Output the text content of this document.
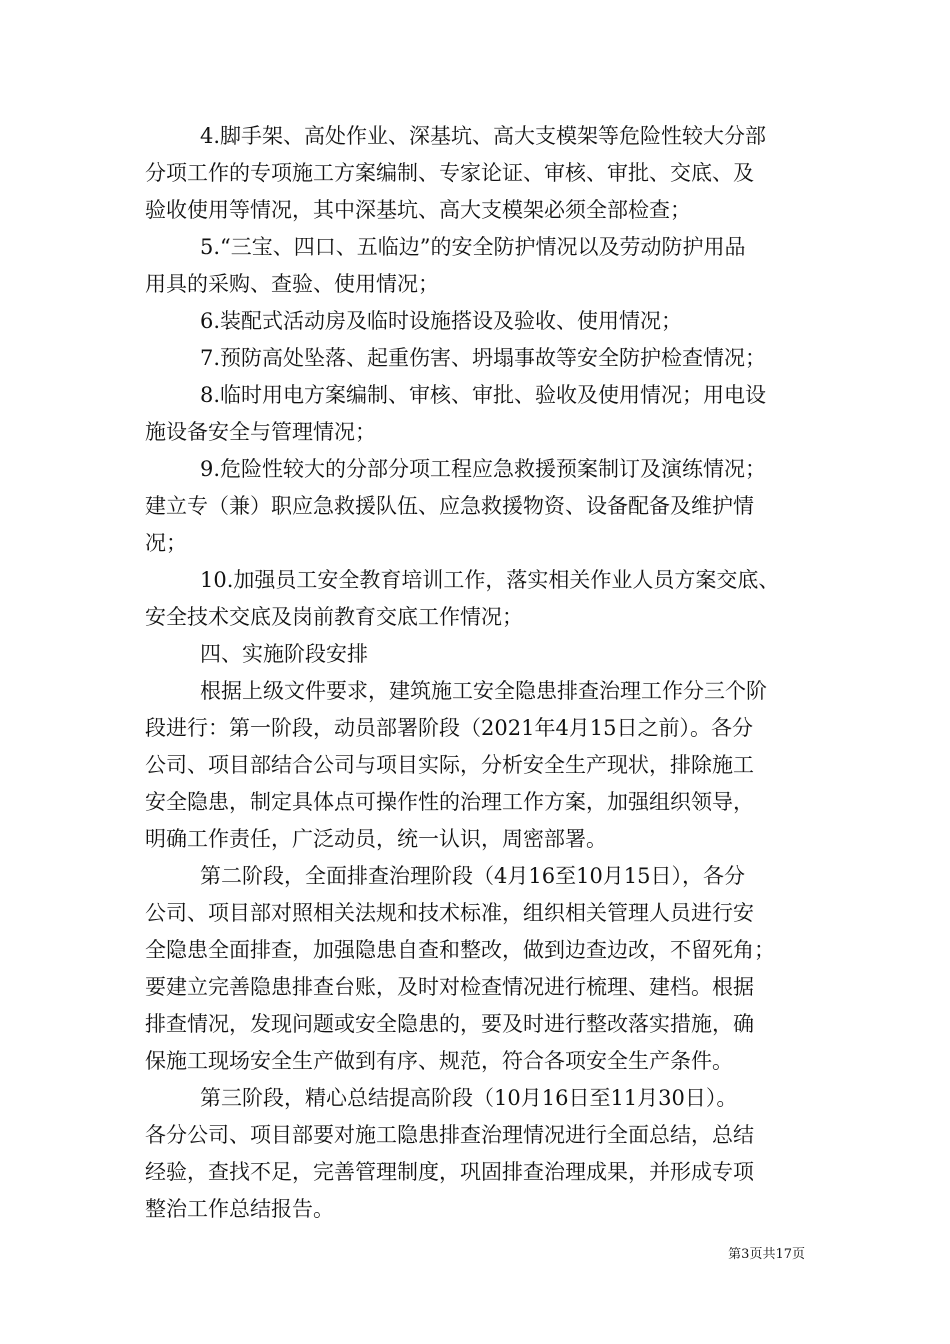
4.脚手架、高处作业、深基坑、高大支模架等危险性较大分部
分项工作的专项施工方案编制、专家论证、审核、审批、交底、及
验收使用等情况，其中深基坑、高大支模架必须全部检查；
5.“三宝、四口、五临边”的安全防护情况以及劳动防护用品
用具的采购、查验、使用情况；
6.装配式活动房及临时设施搭设及验收、使用情况；
7.预防高处坠落、起重伤害、坍塌事故等安全防护检查情况；
8.临时用电方案编制、审核、审批、验收及使用情况；用电设
施设备安全与管理情况；
9.危险性较大的分部分项工程应急救援预案制订及演练情况；
建立专（兼）职应急救援队伍、应急救援物资、设备配备及维护情
况；
10.加强员工安全教育培训工作，落实相关作业人员方案交底、
安全技术交底及岗前教育交底工作情况；
四、实施阶段安排
根据上级文件要求，建筑施工安全隐患排查治理工作分三个阶
段进行：第一阶段，动员部署阶段（2021年4月15日之前）。各分
公司、项目部结合公司与项目实际，分析安全生产现状，排除施工
安全隐患，制定具体点可操作性的治理工作方案，加强组织领导，
明确工作责任，广泛动员，统一认识，周密部署。
第二阶段，全面排查治理阶段（4月16至10月15日），各分
公司、项目部对照相关法规和技术标准，组织相关管理人员进行安
全隐患全面排查，加强隐患自查和整改，做到边查边改，不留死角；
要建立完善隐患排查台账，及时对检查情况进行梳理、建档。根据
排查情况，发现问题或安全隐患的，要及时进行整改落实措施，确
保施工现场安全生产做到有序、规范，符合各项安全生产条件。
第三阶段，精心总结提高阶段（10月16日至11月30日）。
各分公司、项目部要对施工隐患排查治理情况进行全面总结，总结
经验，查找不足，完善管理制度，巩固排查治理成果，并形成专项
整治工作总结报告。
第3页共17页
